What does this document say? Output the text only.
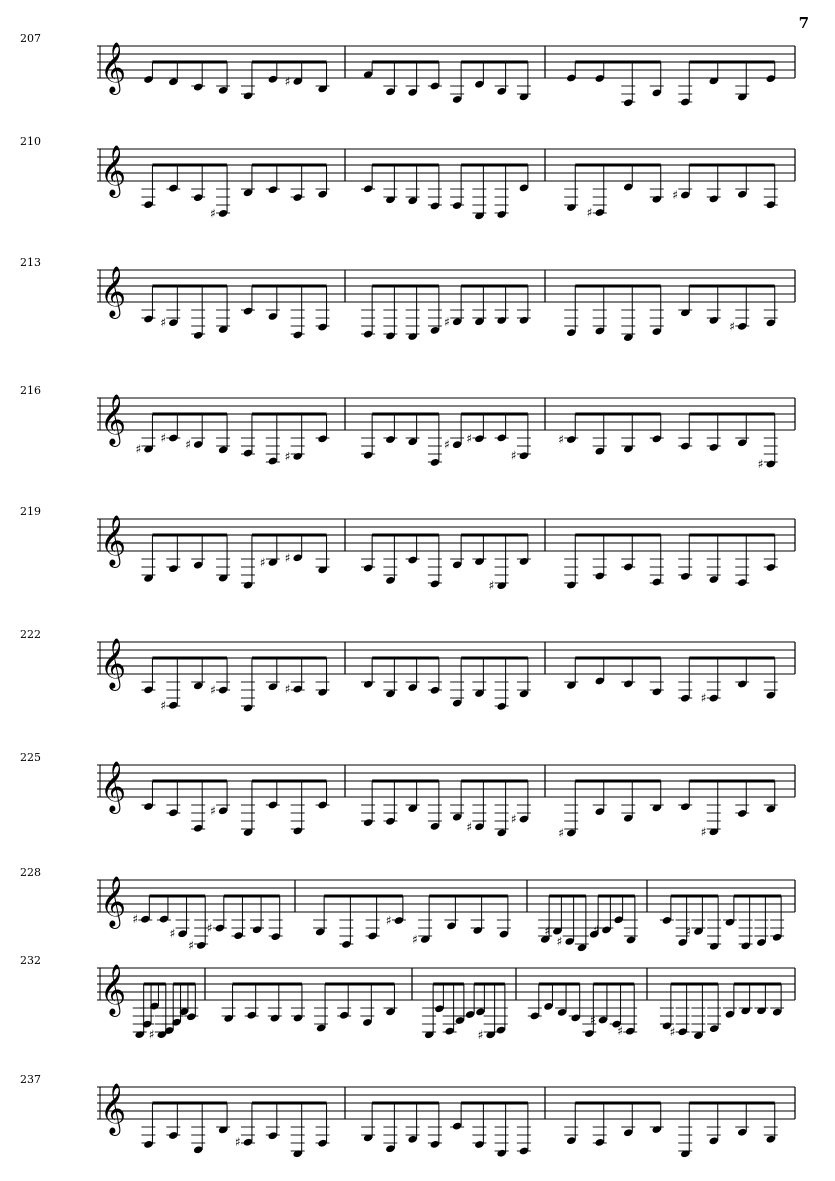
7
𝄞
207
♯
𝄞
210
♯	♯
♯
𝄞
213
♯	♯	♯
𝄞
216
♯
♯ ♯
♯
♯ ♯
♯
♯
♯
𝄞
219
♯ ♯
♯
𝄞
222
♯
♯	♯
♯
𝄞
225
♯
♯
♯
♯	♯
𝄞
228
♯
♯
♯
♯
♯
♯
♯
♯
♯	♯
𝄞
232
♯	♯
♯
♯	♯
𝄞
237
♯
